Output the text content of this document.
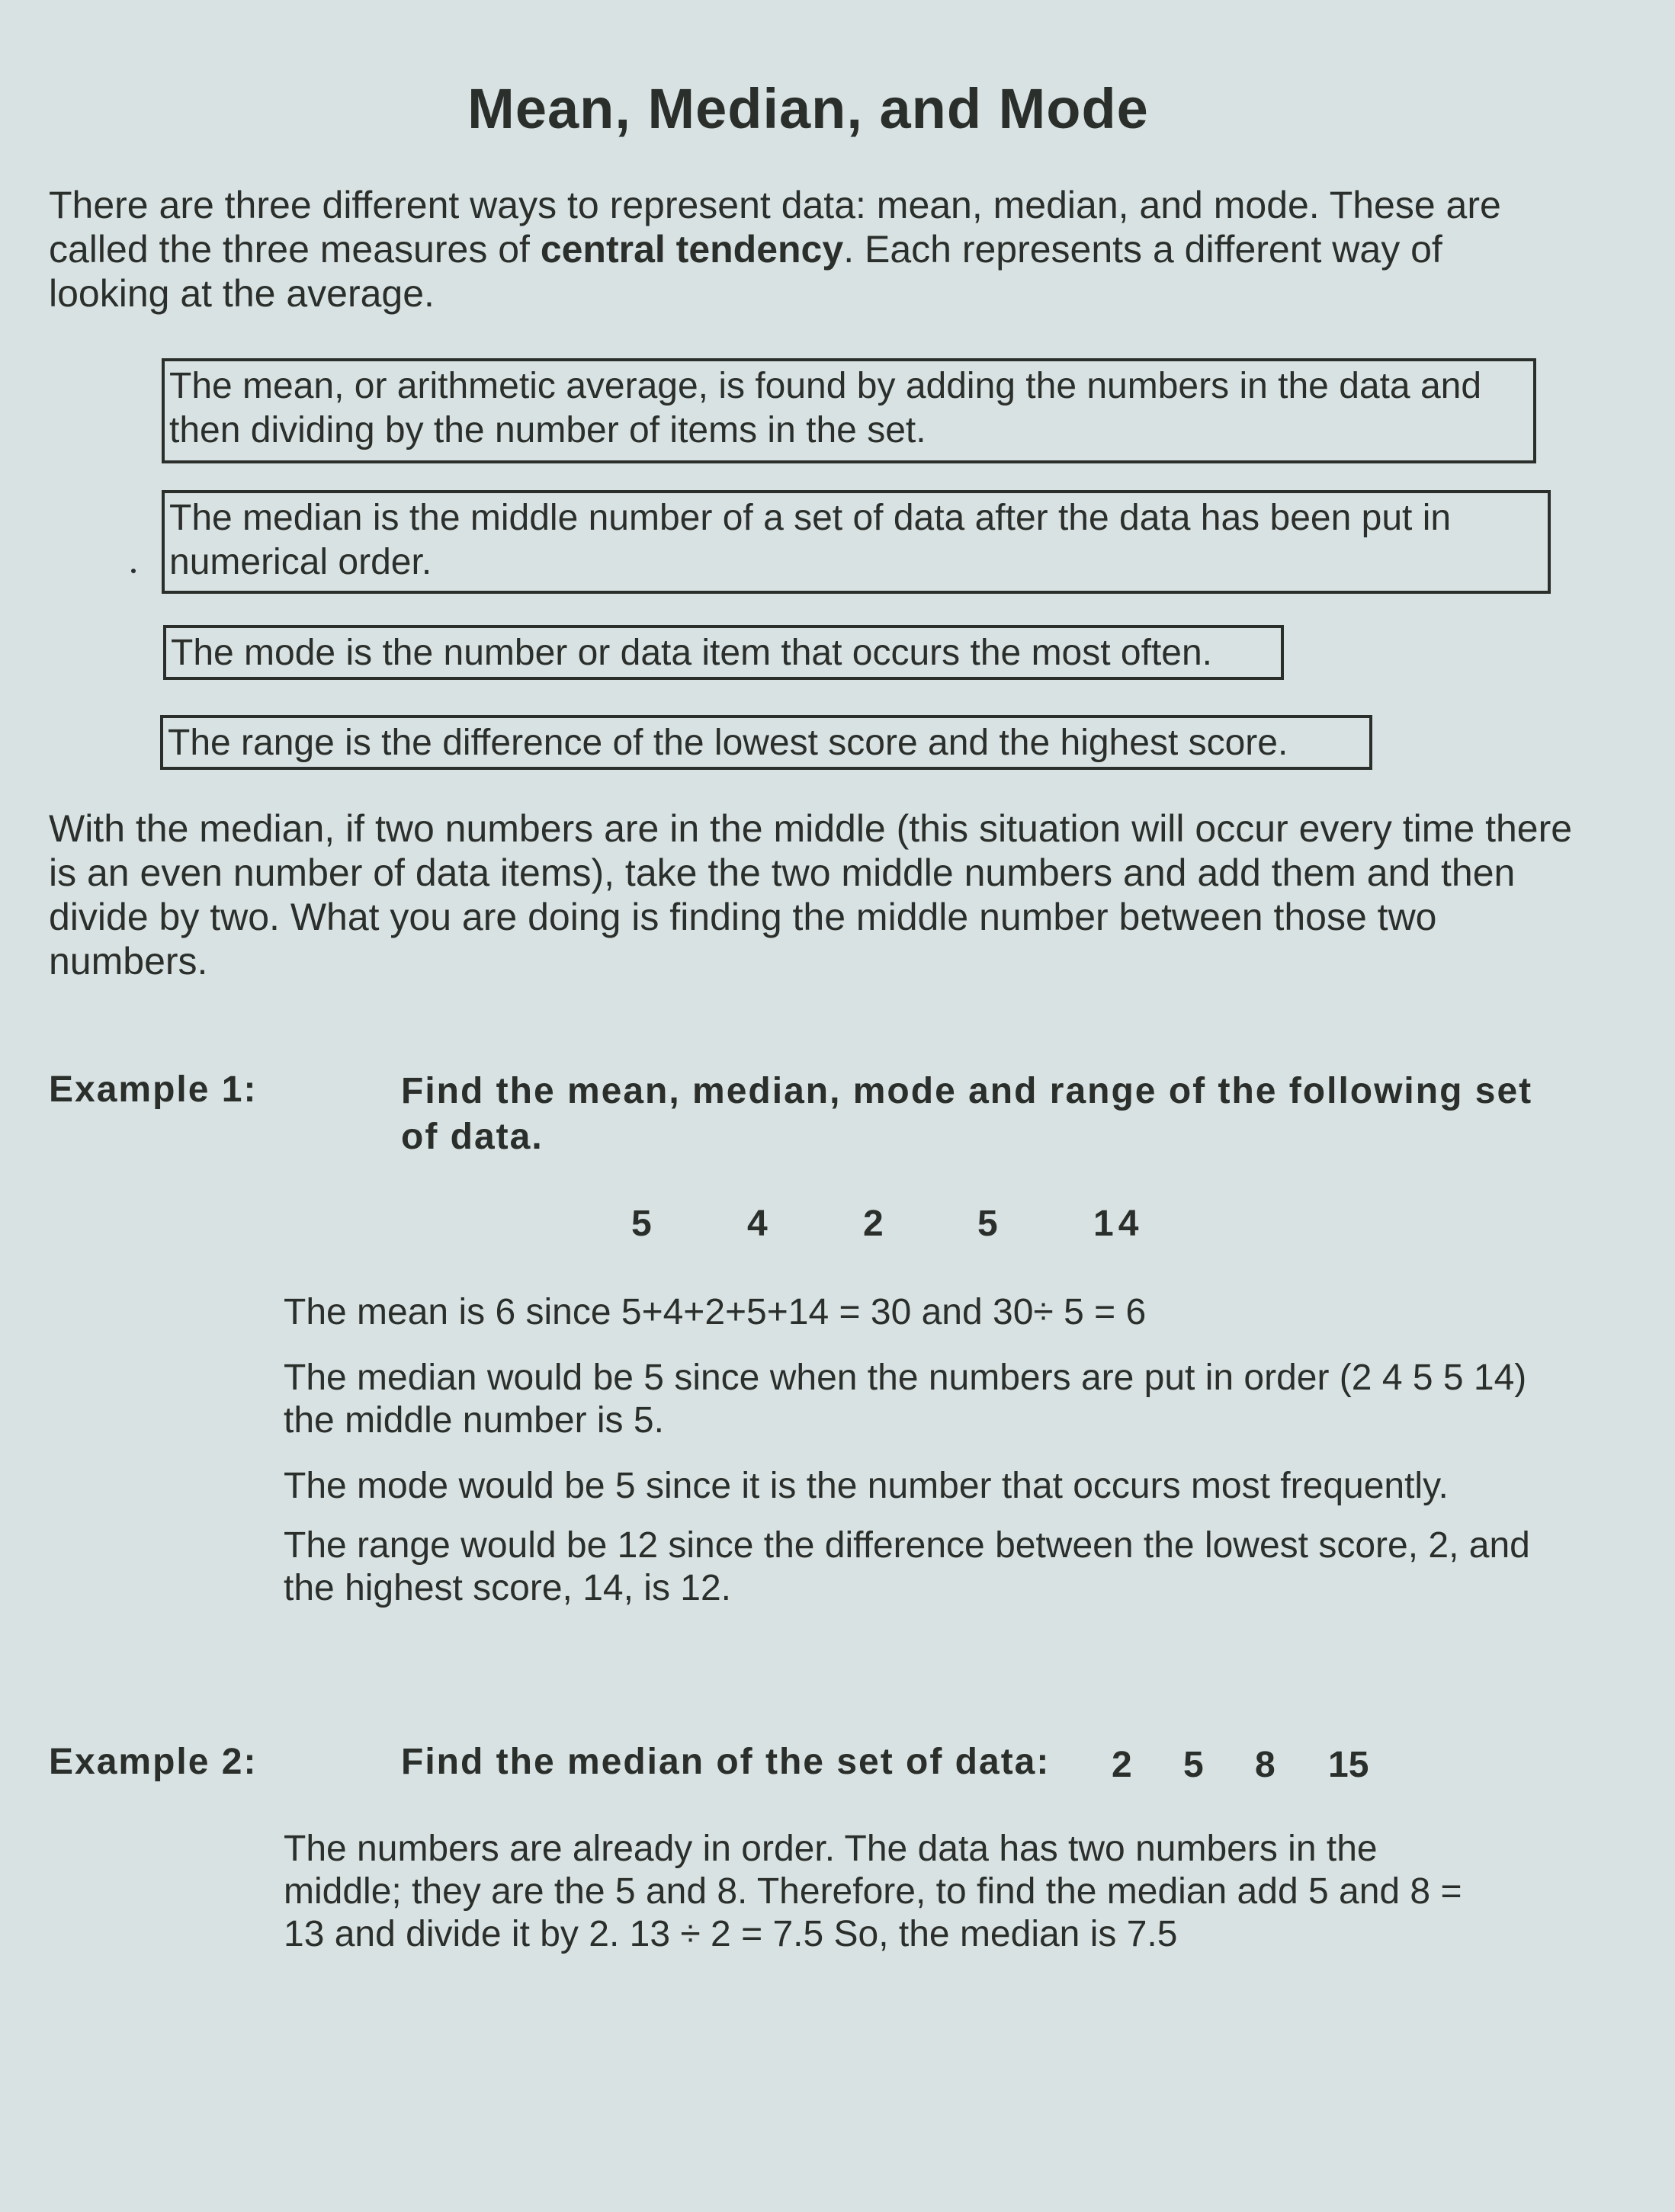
Mean, Median, and Mode
There are three different ways to represent data: mean, median, and mode. These are called the three measures of central tendency. Each represents a different way of looking at the average.
The mean, or arithmetic average, is found by adding the numbers in the data and then dividing by the number of items in the set.
The median is the middle number of a set of data after the data has been put in numerical order.
The mode is the number or data item that occurs the most often.
The range is the difference of the lowest score and the highest score.
With the median, if two numbers are in the middle (this situation will occur every time there is an even number of data items), take the two middle numbers and add them and then divide by two. What you are doing is finding the middle number between those two numbers.
Example 1:	Find the mean, median, mode and range of the following set of data.
5	4	2	5	14
The mean is 6 since 5+4+2+5+14 = 30 and 30÷ 5 = 6
The median would be 5 since when the numbers are put in order (2 4 5 5 14) the middle number is 5.
The mode would be 5 since it is the number that occurs most frequently.
The range would be 12 since the difference between the lowest score, 2, and the highest score, 14, is 12.
Example 2:	Find the median of the set of data: 2 5 8 15
The numbers are already in order. The data has two numbers in the middle; they are the 5 and 8. Therefore, to find the median add 5 and 8 = 13 and divide it by 2. 13 ÷ 2 = 7.5 So, the median is 7.5
